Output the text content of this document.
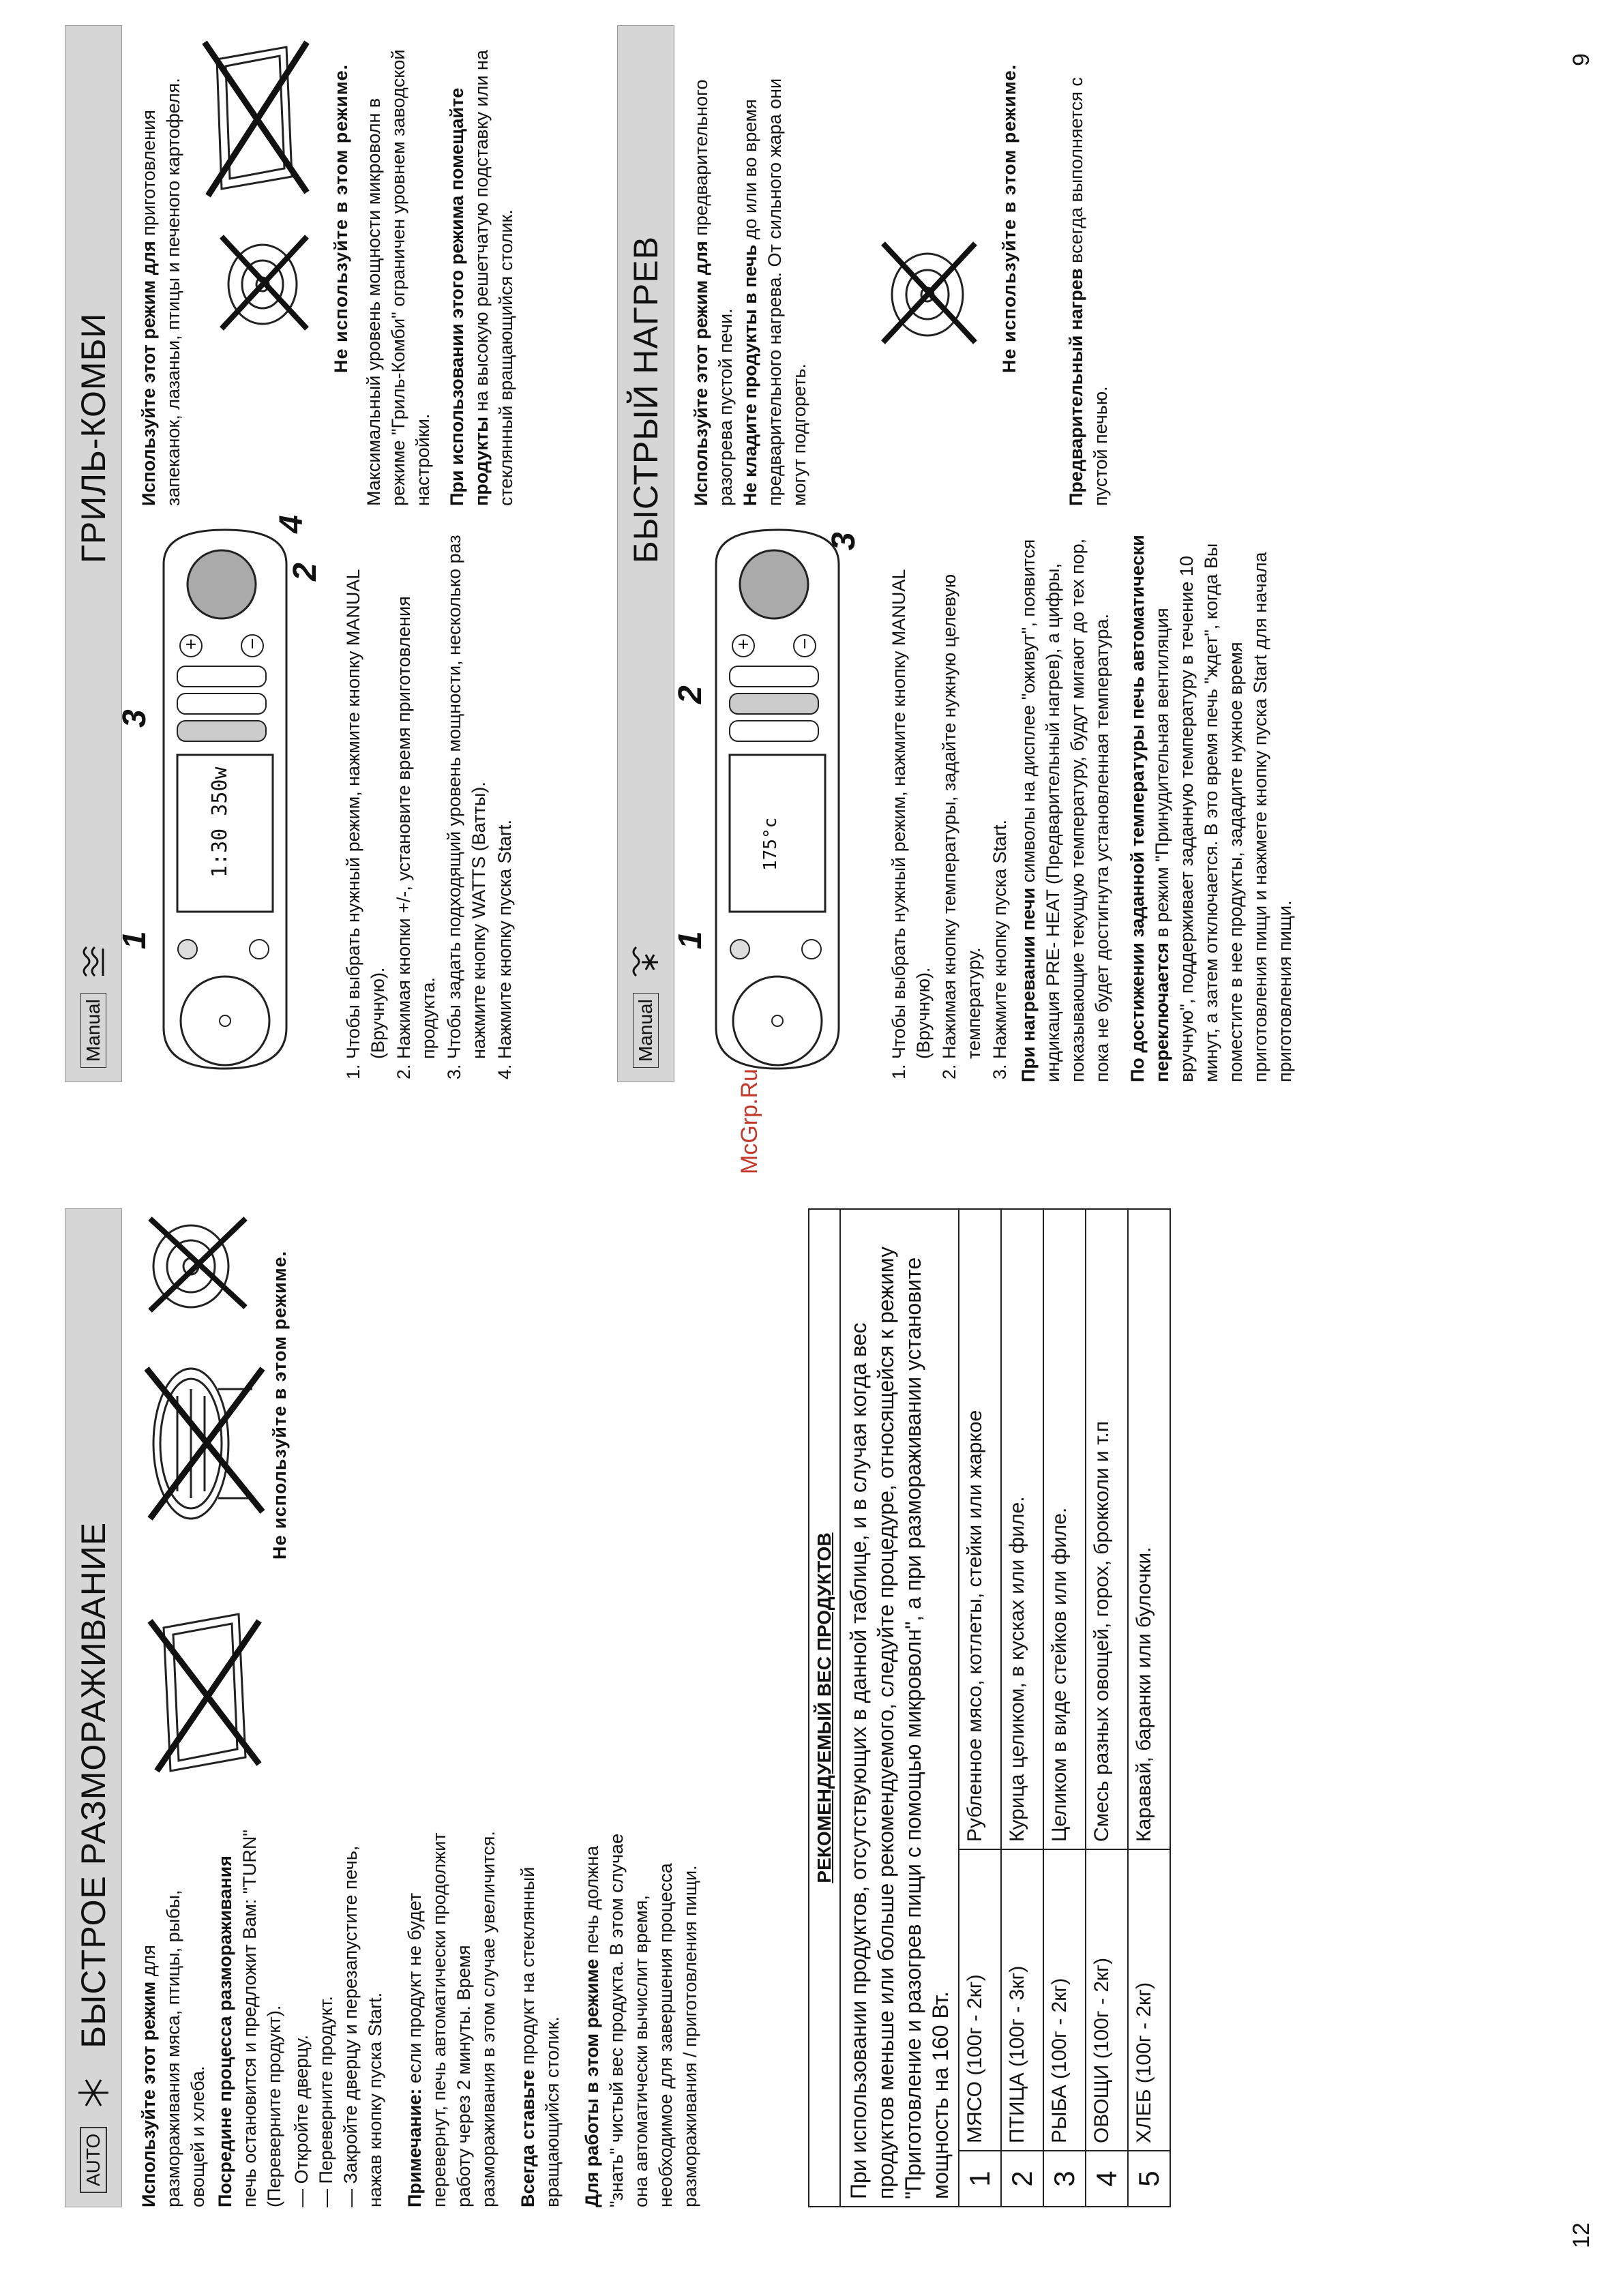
AUTO
БЫСТРОЕ РАЗМОРАЖИВАНИЕ

Используйте этот режим для размораживания мяса, птицы, рыбы, овощей и хлеба. Посредине процесса размораживания печь остановится и предложит Вам: "TURN" (Переверните продукт). — Откройте дверцу. — Переверните продукт. — Закройте дверцу и перезапустите печь, нажав кнопку пуска Start. Примечание: если продукт не будет перевернут, печь автоматически продолжит работу через 2 минуты. Время размораживания в этом случае увеличится. Всегда ставьте продукт на стеклянный вращающийся столик. Для работы в этом режиме печь должна "знать" чистый вес продукта. В этом случае она автоматически вычислит время, необходимое для завершения процесса размораживания / приготовления пищи.

Не используйте в этом режиме.
РЕКОМЕНДУЕМЫЙ ВЕС ПРОДУКТОВ		
При использовании продуктов, отсутствующих в данной таблице, и в случая когда вес продуктов меньше или больше рекомендуемого, следуйте процедуре, относящейся к режиму "Приготовление и разогрев пищи с помощью микроволн", а при размораживании установите мощность на 160 Вт.		
1	МЯСО (100г - 2кг)	Рубленное мясо, котлеты, стейки или жаркое
2	ПТИЦА (100г - 3кг)	Курица целиком, в кусках или филе.
3	РЫБА (100г - 2кг)	Целиком в виде стейков или филе.
4	ОВОЩИ (100г - 2кг)	Смесь разных овощей, горох, брокколи и т.п
5	ХЛЕБ (100г - 2кг)	Каравай, баранки или булочки.
12
McGrp.Ru
Manual
ГРИЛЬ-КОМБИ
+	−
1:30 350w
1
3
2
4
1. Чтобы выбрать нужный режим, нажмите кнопку MANUAL (Вручную). 2. Нажимая кнопки +/-, установите время приготовления продукта. 3. Чтобы задать подходящий уровень мощности, несколько раз нажмите кнопку WATTS (Ватты). 4. Нажмите кнопку пуска Start.
Используйте этот режим для приготовления запеканок, лазаньи, птицы и печеного картофеля.	Не используйте в этом режиме. Максимальный уровень мощности микроволн в режиме "Гриль-Комби" ограничен уровнем заводской настройки. При использовании этого режима помещайте продукты на высокую решетчатую подставку или на стеклянный вращающийся столик.

Manual
БЫСТРЫЙ НАГРЕВ
+	−
175°c
1
2
3
1. Чтобы выбрать нужный режим, нажмите кнопку MANUAL (Вручную). 2. Нажимая кнопку температуры, задайте нужную целевую температуру. 3. Нажмите кнопку пуска Start. При нагревании печи символы на дисплее "оживут", появится индикация PRE- HEAT (Предварительный нагрев), а цифры, показывающие текущую температуру, будут мигают до тех пор, пока не будет достигнута установленная температура. По достижении заданной температуры печь автоматически переключается в режим "Принудительная вентиляция вручную", поддерживает заданную температуру в течение 10 минут, а затем отключается. В это время печь "ждет", когда Вы поместите в нее продукты, зададите нужное время приготовления пищи и нажмете кнопку пуска Start для начала приготовления пищи.

Используйте этот режим для предварительного разогрева пустой печи. Не кладите продукты в печь до или во время предварительного нагрева. От сильного жара они могут подгореть.

Не используйте в этом режиме.
Предварительный нагрев всегда выполняется с пустой печью.
9
